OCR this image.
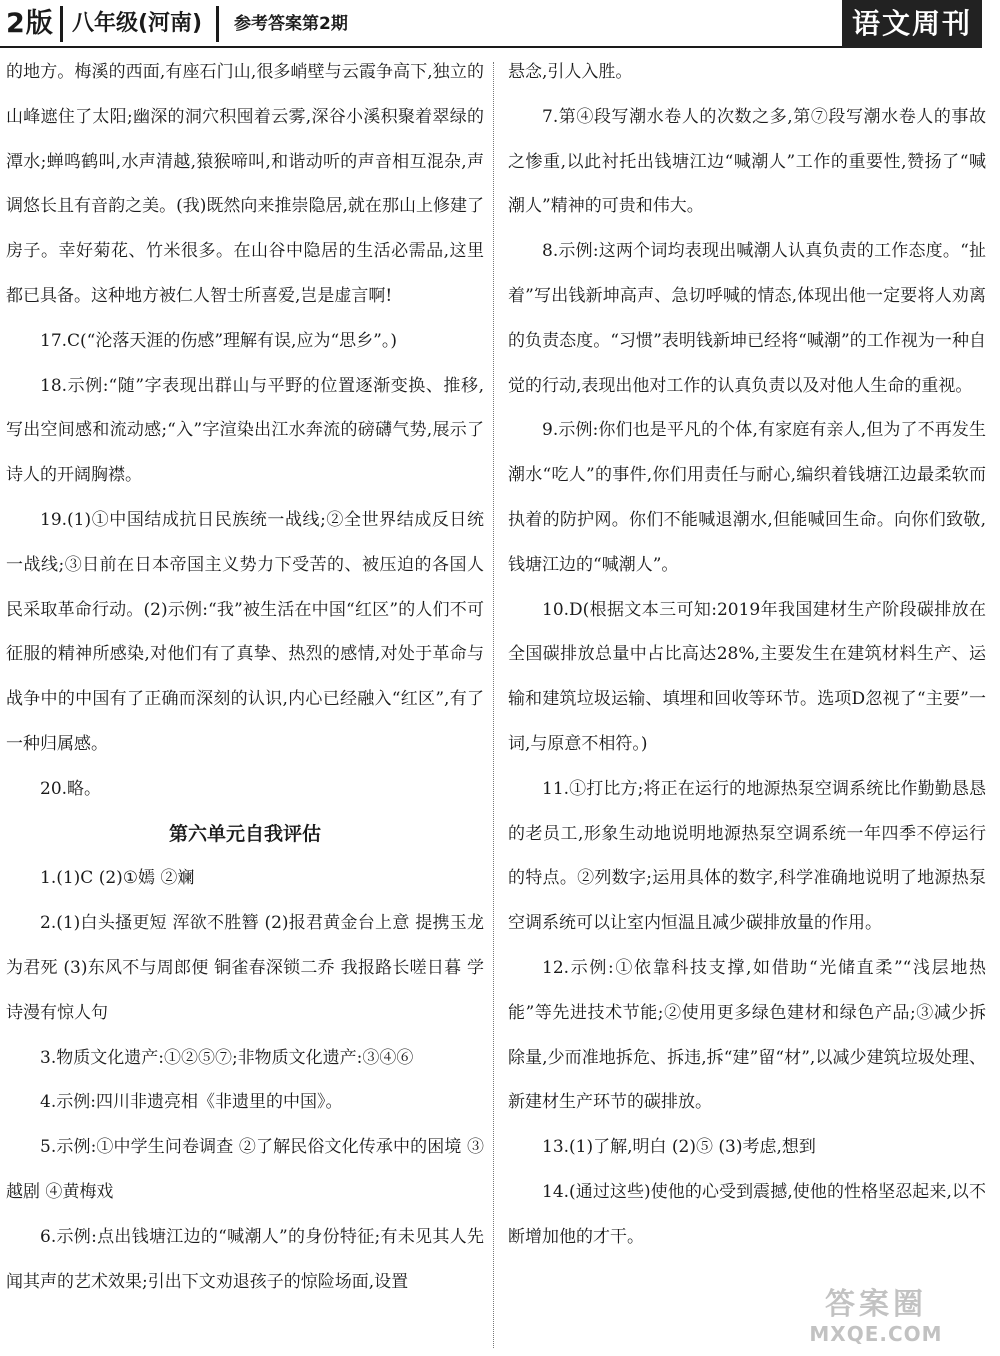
2版 八年级(河南) 参考答案第2期	语文周刊

的地方。梅溪的西面,有座石门山,很多峭壁与云霞争高下,独立的山峰遮住了太阳;幽深的洞穴积囤着云雾,深谷小溪积聚着翠绿的潭水;蝉鸣鹤叫,水声清越,猿猴啼叫,和谐动听的声音相互混杂,声调悠长且有音韵之美。(我)既然向来推崇隐居,就在那山上修建了房子。幸好菊花、竹米很多。在山谷中隐居的生活必需品,这里都已具备。这种地方被仁人智士所喜爱,岂是虚言啊!

17.C(“沦落天涯的伤感”理解有误,应为“思乡”。)

18.示例:“随”字表现出群山与平野的位置逐渐变换、推移,写出空间感和流动感;“入”字渲染出江水奔流的磅礴气势,展示了诗人的开阔胸襟。

19.(1)①中国结成抗日民族统一战线;②全世界结成反日统一战线;③日前在日本帝国主义势力下受苦的、被压迫的各国人民采取革命行动。(2)示例:“我”被生活在中国“红区”的人们不可征服的精神所感染,对他们有了真挚、热烈的感情,对处于革命与战争中的中国有了正确而深刻的认识,内心已经融入“红区”,有了一种归属感。

20.略。

第六单元自我评估

1.(1)C (2)①嫣 ②斓

2.(1)白头搔更短 浑欲不胜簪 (2)报君黄金台上意 提携玉龙为君死 (3)东风不与周郎便 铜雀春深锁二乔 我报路长嗟日暮 学诗漫有惊人句

3.物质文化遗产:①②⑤⑦;非物质文化遗产:③④⑥

4.示例:四川非遗亮相《非遗里的中国》。

5.示例:①中学生问卷调查 ②了解民俗文化传承中的困境 ③越剧 ④黄梅戏

6.示例:点出钱塘江边的“喊潮人”的身份特征;有未见其人先闻其声的艺术效果;引出下文劝退孩子的惊险场面,设置

悬念,引人入胜。

7.第④段写潮水卷人的次数之多,第⑦段写潮水卷人的事故之惨重,以此衬托出钱塘江边“喊潮人”工作的重要性,赞扬了“喊潮人”精神的可贵和伟大。

8.示例:这两个词均表现出喊潮人认真负责的工作态度。“扯着”写出钱新坤高声、急切呼喊的情态,体现出他一定要将人劝离的负责态度。“习惯”表明钱新坤已经将“喊潮”的工作视为一种自觉的行动,表现出他对工作的认真负责以及对他人生命的重视。

9.示例:你们也是平凡的个体,有家庭有亲人,但为了不再发生潮水“吃人”的事件,你们用责任与耐心,编织着钱塘江边最柔软而执着的防护网。你们不能喊退潮水,但能喊回生命。向你们致敬,钱塘江边的“喊潮人”。

10.D(根据文本三可知:2019年我国建材生产阶段碳排放在全国碳排放总量中占比高达28%,主要发生在建筑材料生产、运输和建筑垃圾运输、填埋和回收等环节。选项D忽视了“主要”一词,与原意不相符。)

11.①打比方;将正在运行的地源热泵空调系统比作勤勤恳恳的老员工,形象生动地说明地源热泵空调系统一年四季不停运行的特点。②列数字;运用具体的数字,科学准确地说明了地源热泵空调系统可以让室内恒温且减少碳排放量的作用。

12.示例:①依靠科技支撑,如借助“光储直柔”“浅层地热能”等先进技术节能;②使用更多绿色建材和绿色产品;③减少拆除量,少而准地拆危、拆违,拆“建”留“材”,以减少建筑垃圾处理、新建材生产环节的碳排放。

13.(1)了解,明白 (2)⑤ (3)考虑,想到

14.(通过这些)使他的心受到震撼,使他的性格坚忍起来,以不断增加他的才干。

答案圈
MXQE.COM
